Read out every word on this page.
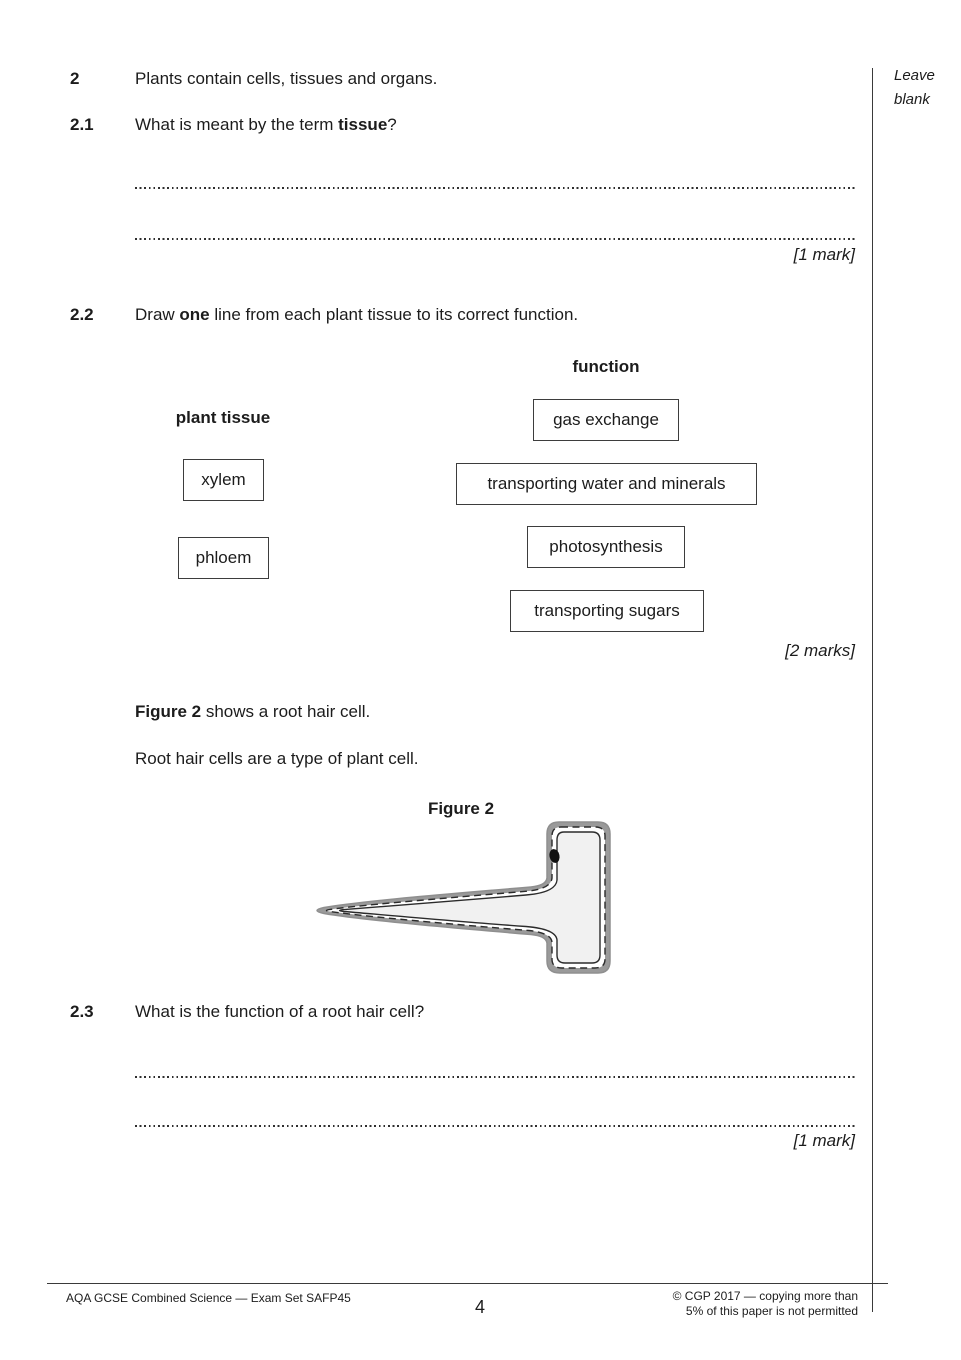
Leave
blank
2	Plants contain cells, tissues and organs.
2.1 What is meant by the term tissue?
[1 mark]
2.2 Draw one line from each plant tissue to its correct function.
function
plant tissue	gas exchange
xylem	transporting water and minerals
photosynthesis
phloem
transporting sugars
[2 marks]
Figure 2 shows a root hair cell.
Root hair cells are a type of plant cell.
Figure 2
2.3 What is the function of a root hair cell?
[1 mark]
AQA GCSE Combined Science — Exam Set SAFP45	4
© CGP 2017 — copying more than
5% of this paper is not permitted
